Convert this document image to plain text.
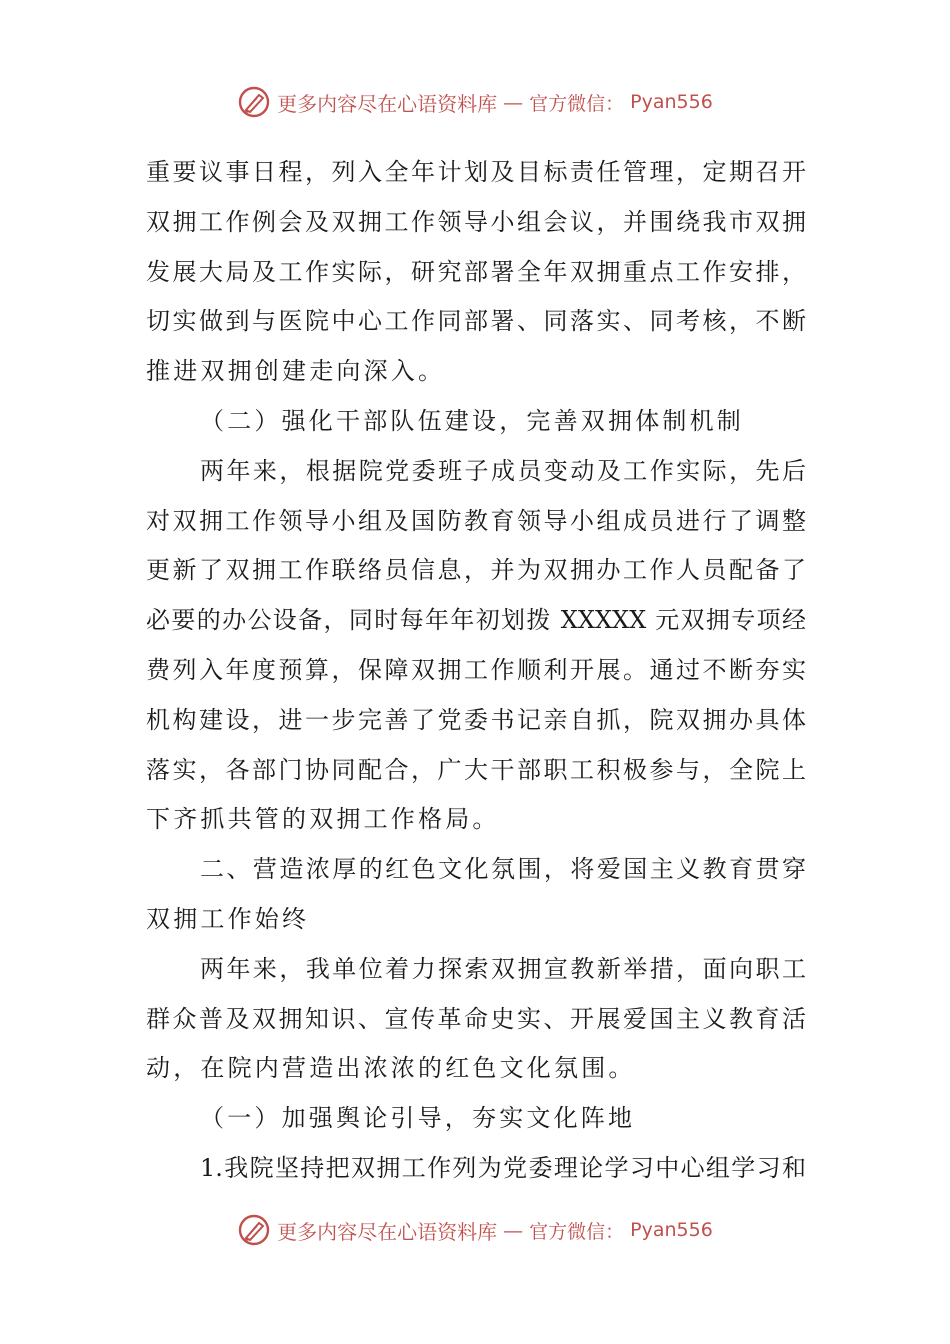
更多内容尽在心语资料库 — 官方微信： Pyan556
重要议事日程，列入全年计划及目标责任管理，定期召开
双拥工作例会及双拥工作领导小组会议，并围绕我市双拥
发展大局及工作实际，研究部署全年双拥重点工作安排，
切实做到与医院中心工作同部署、同落实、同考核，不断
推进双拥创建走向深入。
（二）强化干部队伍建设，完善双拥体制机制
两年来，根据院党委班子成员变动及工作实际，先后
对双拥工作领导小组及国防教育领导小组成员进行了调整
更新了双拥工作联络员信息，并为双拥办工作人员配备了
必要的办公设备，同时每年年初划拨 XXXXX 元双拥专项经
费列入年度预算，保障双拥工作顺利开展。通过不断夯实
机构建设，进一步完善了党委书记亲自抓，院双拥办具体
落实，各部门协同配合，广大干部职工积极参与，全院上
下齐抓共管的双拥工作格局。
二、营造浓厚的红色文化氛围，将爱国主义教育贯穿
双拥工作始终
两年来，我单位着力探索双拥宣教新举措，面向职工
群众普及双拥知识、宣传革命史实、开展爱国主义教育活
动，在院内营造出浓浓的红色文化氛围。
（一）加强舆论引导，夯实文化阵地
1.我院坚持把双拥工作列为党委理论学习中心组学习和
更多内容尽在心语资料库 — 官方微信： Pyan556
